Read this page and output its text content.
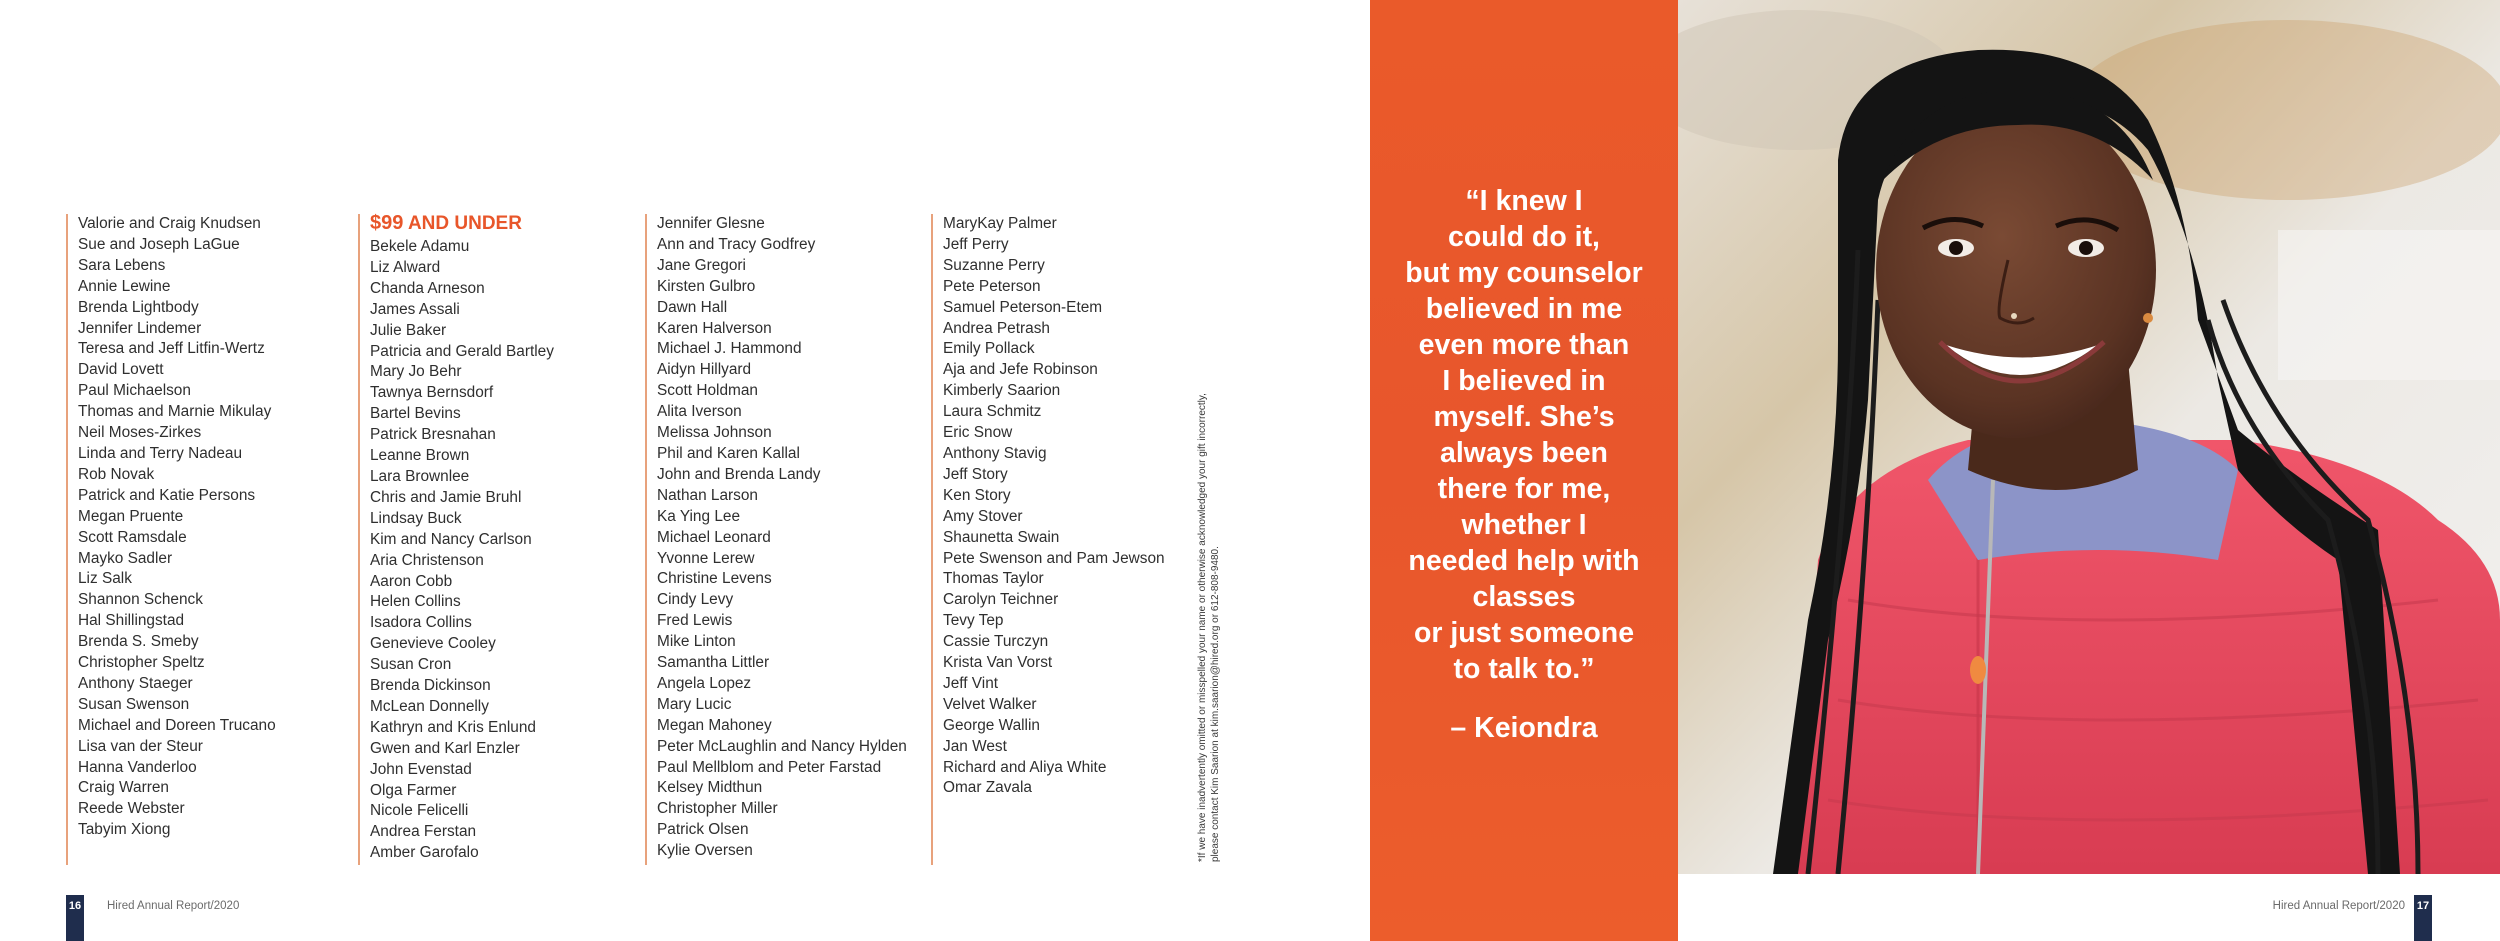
Valorie and Craig Knudsen
Sue and Joseph LaGue
Sara Lebens
Annie Lewine
Brenda Lightbody
Jennifer Lindemer
Teresa and Jeff Litfin-Wertz
David Lovett
Paul Michaelson
Thomas and Marnie Mikulay
Neil Moses-Zirkes
Linda and Terry Nadeau
Rob Novak
Patrick and Katie Persons
Megan Pruente
Scott Ramsdale
Mayko Sadler
Liz Salk
Shannon Schenck
Hal Shillingstad
Brenda S. Smeby
Christopher Speltz
Anthony Staeger
Susan Swenson
Michael and Doreen Trucano
Lisa van der Steur
Hanna Vanderloo
Craig Warren
Reede Webster
Tabyim Xiong
$99 AND UNDER
Bekele Adamu
Liz Alward
Chanda Arneson
James Assali
Julie Baker
Patricia and Gerald Bartley
Mary Jo Behr
Tawnya Bernsdorf
Bartel Bevins
Patrick Bresnahan
Leanne Brown
Lara Brownlee
Chris and Jamie Bruhl
Lindsay Buck
Kim and Nancy Carlson
Aria Christenson
Aaron Cobb
Helen Collins
Isadora Collins
Genevieve Cooley
Susan Cron
Brenda Dickinson
McLean Donnelly
Kathryn and Kris Enlund
Gwen and Karl Enzler
John Evenstad
Olga Farmer
Nicole Felicelli
Andrea Ferstan
Amber Garofalo
Jennifer Glesne
Ann and Tracy Godfrey
Jane Gregori
Kirsten Gulbro
Dawn Hall
Karen Halverson
Michael J. Hammond
Aidyn Hillyard
Scott Holdman
Alita Iverson
Melissa Johnson
Phil and Karen Kallal
John and Brenda Landy
Nathan Larson
Ka Ying Lee
Michael Leonard
Yvonne Lerew
Christine Levens
Cindy Levy
Fred Lewis
Mike Linton
Samantha Littler
Angela Lopez
Mary Lucic
Megan Mahoney
Peter McLaughlin and Nancy Hylden
Paul Mellblom and Peter Farstad
Kelsey Midthun
Christopher Miller
Patrick Olsen
Kylie Oversen
MaryKay Palmer
Jeff Perry
Suzanne Perry
Pete Peterson
Samuel Peterson-Etem
Andrea Petrash
Emily Pollack
Aja and Jefe Robinson
Kimberly Saarion
Laura Schmitz
Eric Snow
Anthony Stavig
Jeff Story
Ken Story
Amy Stover
Shaunetta Swain
Pete Swenson and Pam Jewson
Thomas Taylor
Carolyn Teichner
Tevy Tep
Cassie Turczyn
Krista Van Vorst
Jeff Vint
Velvet Walker
George Wallin
Jan West
Richard and Aliya White
Omar Zavala	*If we have inadvertently omitted or misspelled your name or otherwise acknowledged your gift incorrectly, please contact Kim Saarion at kim.saarion@hired.org or 612-808-9480.
16 Hired Annual Report/2020
“I knew I
could do it,
but my counselor
believed in me
even more than
I believed in
myself. She’s
always been
there for me,
whether I
needed help with
classes
or just someone
to talk to.”
– Keiondra
17
Hired Annual Report/2020
